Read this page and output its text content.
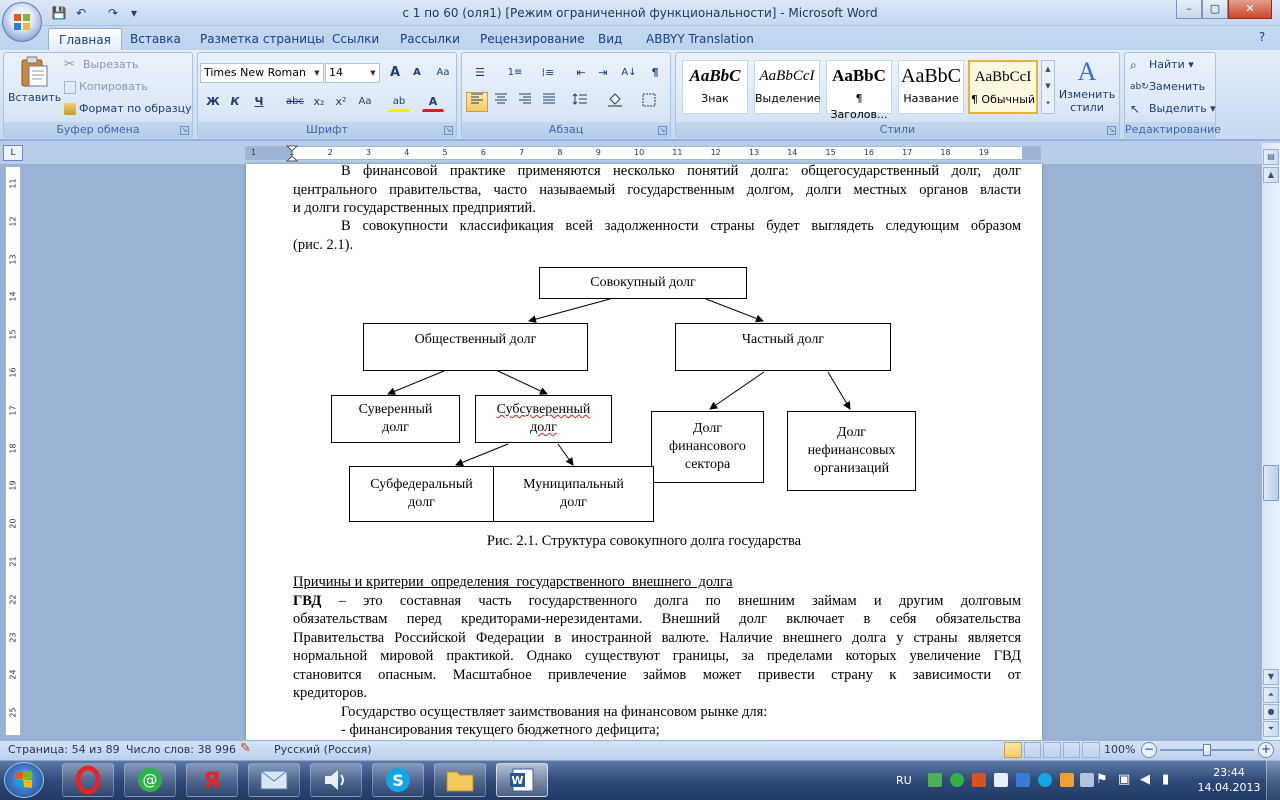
💾 ↶	↷	▾	с 1 по 60 (оля1) [Режим ограниченной функциональности] - Microsoft Word	–	▢	✕
Главная	Вставка	Разметка страницы Ссылки	Рассылки	Рецензирование	Вид	ABBYY Translation	?
Буфер обмена	↘
Вставить
✂ Вырезать
Копировать
Формат по образцу
Шрифт	↘
Times New Roman	▼ 14	▼	A	A	Aa
Ж К	Ч	abc x₂	x²	Aa	ab	A
Абзац	↘
☰	1≡	⁞≡	⇤	⇥	A↓	¶
Стили	↘
AaBbC
Знак
AaBbCcI
Выделение
AaBbC
¶ Заголов...
AaBbC
Название
AaBbCcI
¶ Обычный
▲
▼
▾
A
Изменить стили
Редактирование
⌕ Найти ▾
ab↻Заменить
↖ Выделить ▾
L	1	1	2	3	4	5	6	7	8	9	10	11	12	13	14	15	16	17	18	19
11
12
13
14
15
16
17
18
19
20
21
22
23
24
25
В финансовой практике применяются несколько понятий долга: общегосударственный долг, долг
центрального правительства, часто называемый государственным долгом, долги местных органов власти
и долги государственных предприятий.
В совокупности классификация всей задолженности страны будет выглядеть следующим образом
(рис. 2.1).
Совокупный долг
Общественный долг	Частный долг
Суверенный долг
Субсуверенный долг	Долг финансового сектора
Долг нефинансовых организаций
Субфедеральный долг
Муниципальный долг
Рис. 2.1. Структура совокупного долга государства
Причины и критерии  определения  государственного  внешнего  долга
ГВД – это составная часть государственного долга по внешним займам и другим долговым
обязательствам перед кредиторами-нерезидентами. Внешний долг включает в себя обязательства
Правительства Российской Федерации в иностранной валюте. Наличие внешнего долга у страны является
нормальной мировой практикой. Однако существуют границы, за пределами которых увеличение ГВД
становится опасным. Масштабное привлечение займов может привести страну к зависимости от
кредиторов.
Государство осуществляет заимствования на финансовом рынке для:
- финансирования текущего бюджетного дефицита;
▤
▲
▼
⏶
●
⏷
Страница: 54 из 89 Число слов: 38 996 ✎ Русский (Россия)	100% −	+
@ Я	S	W	RU	⚑ ▣ ◀ ▮	23:44
14.04.2013
